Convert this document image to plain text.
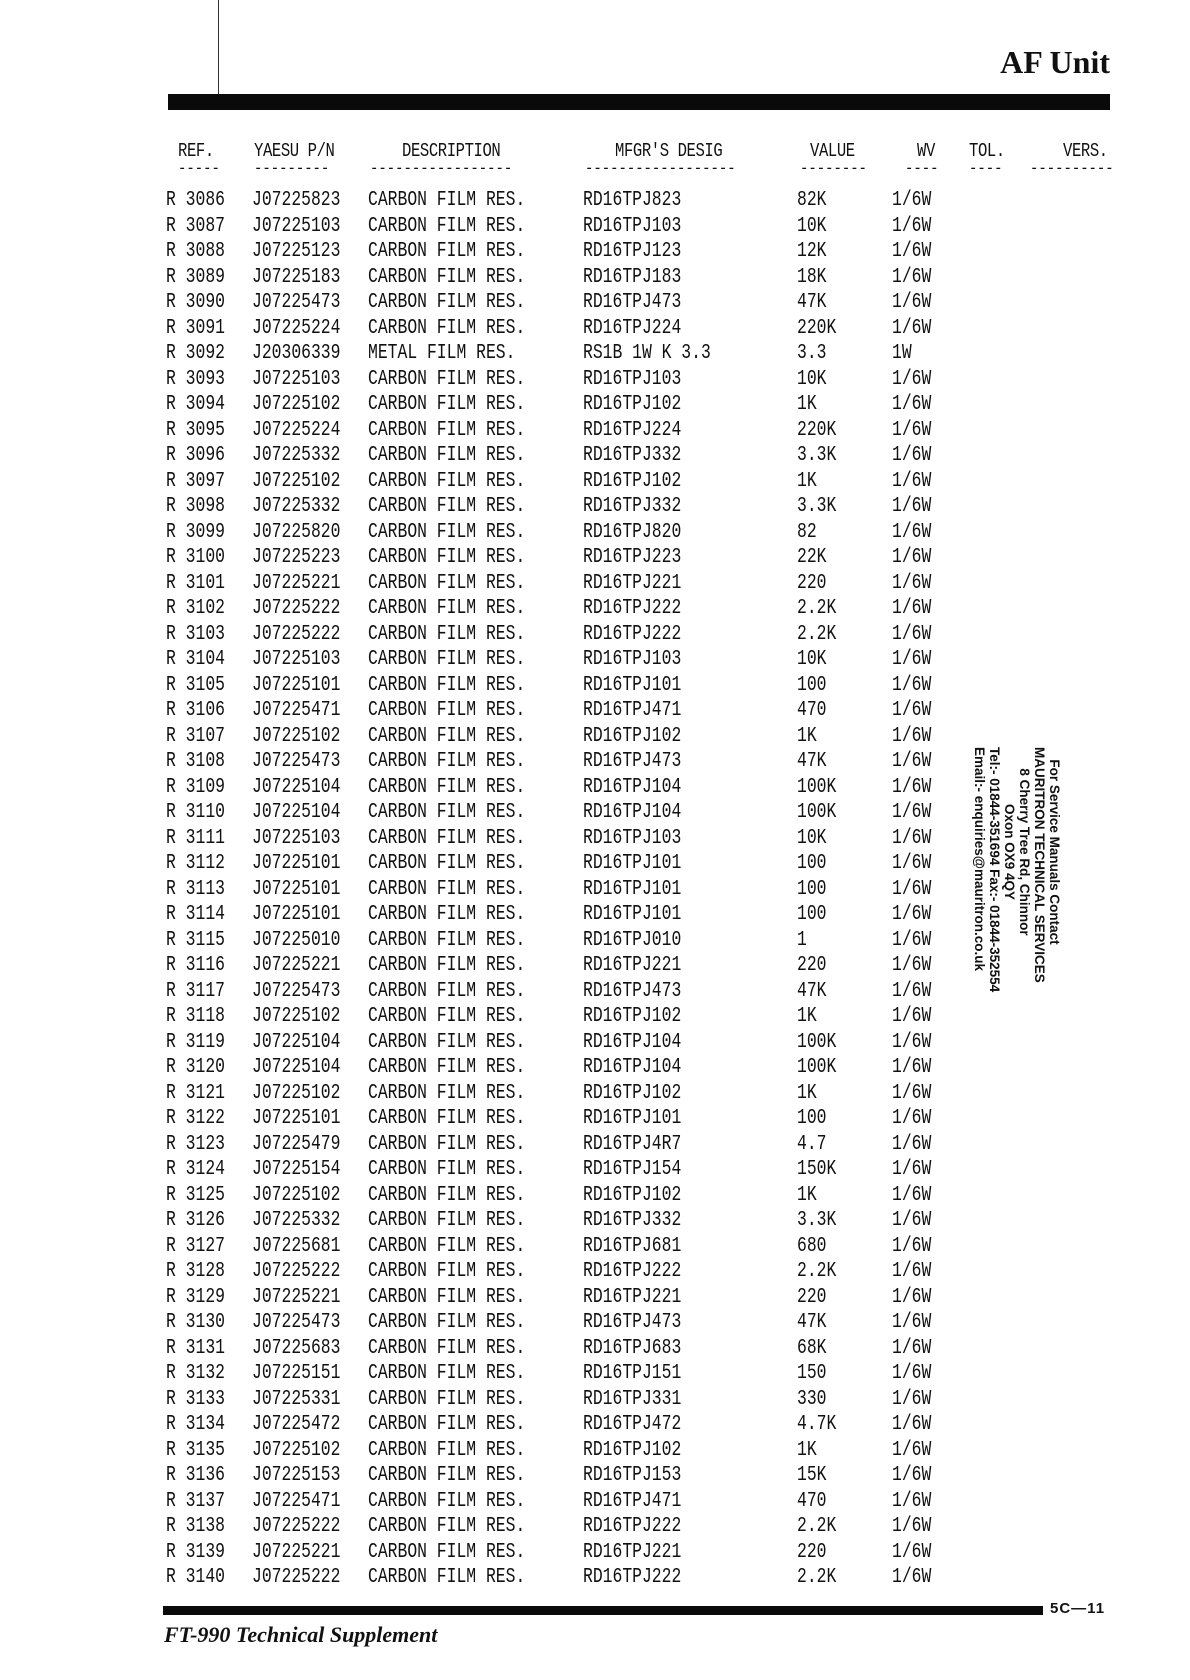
AF Unit
REF. YAESU P/N	DESCRIPTION	MFGR'S DESIG	VALUE	WV TOL.	VERS.
----- --------- -----------------	------------------	-------- ---- ---- ----------
R 3086 J07225823 CARBON FILM RES.	RD16TPJ823	82K	1/6W
R 3087 J07225103 CARBON FILM RES.	RD16TPJ103	10K	1/6W
R 3088 J07225123 CARBON FILM RES.	RD16TPJ123	12K	1/6W
R 3089 J07225183 CARBON FILM RES.	RD16TPJ183	18K	1/6W
R 3090 J07225473 CARBON FILM RES.	RD16TPJ473	47K	1/6W
R 3091 J07225224 CARBON FILM RES.	RD16TPJ224	220K	1/6W
R 3092 J20306339 METAL FILM RES.	RS1B 1W K 3.3	3.3	1W
R 3093 J07225103 CARBON FILM RES.	RD16TPJ103	10K	1/6W
R 3094 J07225102 CARBON FILM RES.	RD16TPJ102	1K	1/6W
R 3095 J07225224 CARBON FILM RES.	RD16TPJ224	220K	1/6W
R 3096 J07225332 CARBON FILM RES.	RD16TPJ332	3.3K	1/6W
R 3097 J07225102 CARBON FILM RES.	RD16TPJ102	1K	1/6W
R 3098 J07225332 CARBON FILM RES.	RD16TPJ332	3.3K	1/6W
R 3099 J07225820 CARBON FILM RES.	RD16TPJ820	82	1/6W
R 3100 J07225223 CARBON FILM RES.	RD16TPJ223	22K	1/6W
R 3101 J07225221 CARBON FILM RES.	RD16TPJ221	220	1/6W
R 3102 J07225222 CARBON FILM RES.	RD16TPJ222	2.2K	1/6W
R 3103 J07225222 CARBON FILM RES.	RD16TPJ222	2.2K	1/6W
R 3104 J07225103 CARBON FILM RES.	RD16TPJ103	10K	1/6W
R 3105 J07225101 CARBON FILM RES.	RD16TPJ101	100	1/6W
R 3106 J07225471 CARBON FILM RES.	RD16TPJ471	470	1/6W
R 3107 J07225102 CARBON FILM RES.	RD16TPJ102	1K	1/6W
R 3108 J07225473 CARBON FILM RES.	RD16TPJ473	47K	1/6W
R 3109 J07225104 CARBON FILM RES.	RD16TPJ104	100K	1/6W
R 3110 J07225104 CARBON FILM RES.	RD16TPJ104	100K	1/6W
R 3111 J07225103 CARBON FILM RES.	RD16TPJ103	10K	1/6W
R 3112 J07225101 CARBON FILM RES.	RD16TPJ101	100	1/6W
R 3113 J07225101 CARBON FILM RES.	RD16TPJ101	100	1/6W
R 3114 J07225101 CARBON FILM RES.	RD16TPJ101	100	1/6W
R 3115 J07225010 CARBON FILM RES.	RD16TPJ010	1	1/6W
R 3116 J07225221 CARBON FILM RES.	RD16TPJ221	220	1/6W
R 3117 J07225473 CARBON FILM RES.	RD16TPJ473	47K	1/6W
R 3118 J07225102 CARBON FILM RES.	RD16TPJ102	1K	1/6W
R 3119 J07225104 CARBON FILM RES.	RD16TPJ104	100K	1/6W
R 3120 J07225104 CARBON FILM RES.	RD16TPJ104	100K	1/6W
R 3121 J07225102 CARBON FILM RES.	RD16TPJ102	1K	1/6W
R 3122 J07225101 CARBON FILM RES.	RD16TPJ101	100	1/6W
R 3123 J07225479 CARBON FILM RES.	RD16TPJ4R7	4.7	1/6W
R 3124 J07225154 CARBON FILM RES.	RD16TPJ154	150K	1/6W
R 3125 J07225102 CARBON FILM RES.	RD16TPJ102	1K	1/6W
R 3126 J07225332 CARBON FILM RES.	RD16TPJ332	3.3K	1/6W
R 3127 J07225681 CARBON FILM RES.	RD16TPJ681	680	1/6W
R 3128 J07225222 CARBON FILM RES.	RD16TPJ222	2.2K	1/6W
R 3129 J07225221 CARBON FILM RES.	RD16TPJ221	220	1/6W
R 3130 J07225473 CARBON FILM RES.	RD16TPJ473	47K	1/6W
R 3131 J07225683 CARBON FILM RES.	RD16TPJ683	68K	1/6W
R 3132 J07225151 CARBON FILM RES.	RD16TPJ151	150	1/6W
R 3133 J07225331 CARBON FILM RES.	RD16TPJ331	330	1/6W
R 3134 J07225472 CARBON FILM RES.	RD16TPJ472	4.7K	1/6W
R 3135 J07225102 CARBON FILM RES.	RD16TPJ102	1K	1/6W
R 3136 J07225153 CARBON FILM RES.	RD16TPJ153	15K	1/6W
R 3137 J07225471 CARBON FILM RES.	RD16TPJ471	470	1/6W
R 3138 J07225222 CARBON FILM RES.	RD16TPJ222	2.2K	1/6W
R 3139 J07225221 CARBON FILM RES.	RD16TPJ221	220	1/6W
R 3140 J07225222 CARBON FILM RES.	RD16TPJ222	2.2K	1/6W
For Service Manuals Contact
MAURITRON TECHNICAL SERVICES
8 Cherry Tree Rd, Chinnor
Oxon OX9 4QY
Tel:- 01844-351694 Fax:- 01844-352554
Email:- enquiries@mauritron.co.uk
5C—11
FT-990 Technical Supplement
